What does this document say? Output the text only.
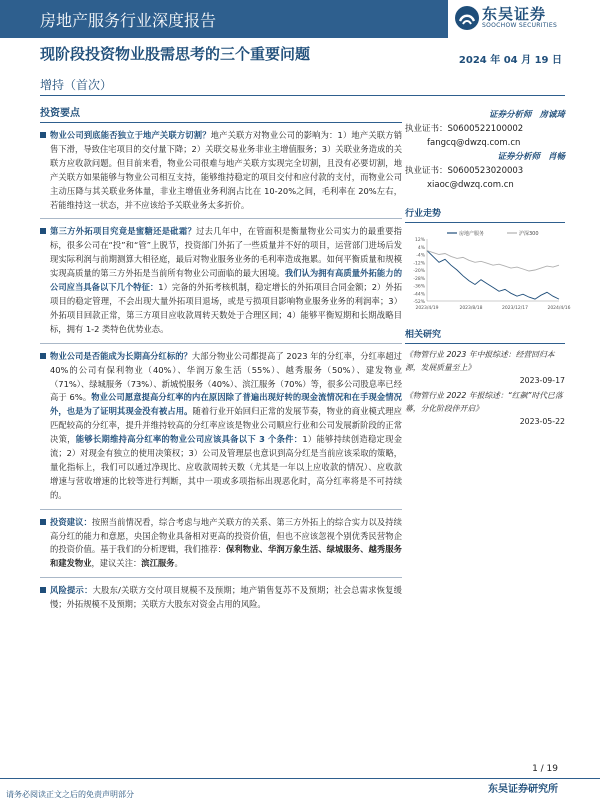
房地产服务行业深度报告	东吴证券
SOOCHOW SECURITIES
现阶段投资物业股需思考的三个重要问题	2024 年 04 月 19 日
增持（首次）
投资要点
物业公司到底能否独立于地产关联方切割？地产关联方对物业公司的影响为：1）地产关联方销售下滑，导致住宅项目的交付量下降；2）关联交易业务非业主增值服务；3）关联业务造成的关联方应收款问题。但目前来看，物业公司很难与地产关联方实现完全切割，且没有必要切割，地产关联方如果能够与物业公司相互支持，能够维持稳定的项目交付和应付款的支付，而物业公司主动压降与其关联业务体量，非业主增值业务利润占比在 10-20%之间，毛利率在 20%左右，若能维持这一状态，并不应该给予关联业务太多折价。
第三方外拓项目究竟是蜜糖还是砒霜？过去几年中，在管面积是衡量物业公司实力的最重要指标，很多公司在“投”和“管”上脱节，投资部门外拓了一些质量并不好的项目，运营部门进场后发现实际利润与前期测算大相径庭，最后对物业服务业务的毛利率造成拖累。如何平衡质量和规模实现高质量的第三方外拓是当前所有物业公司面临的最大困境。我们认为拥有高质量外拓能力的公司应当具备以下几个特征：1）完备的外拓考核机制，稳定增长的外拓项目合同金额；2）外拓项目的稳定管理，不会出现大量外拓项目退场，或是亏损项目影响物业服务业务的利润率；3）外拓项目回款正常，第三方项目应收款周转天数处于合理区间；4）能够平衡短期和长期战略目标，拥有 1-2 类特色优势业态。
物业公司是否能成为长期高分红标的？大部分物业公司都提高了 2023 年的分红率，分红率超过 40%的公司有保利物业（40%）、华润万象生活（55%）、越秀服务（50%）、建发物业（71%）、绿城服务（73%）、新城悦服务（40%）、滨江服务（70%）等，很多公司股息率已经高于 6%。物业公司愿意提高分红率的内在原因除了普遍出现好转的现金流情况和在手现金情况外，也是为了证明其现金没有被占用。随着行业开始回归正常的发展节奏，物业的商业模式理应匹配较高的分红率，提升并维持较高的分红率应该是物业公司顺应行业和公司发展新阶段的正常决策，能够长期维持高分红率的物业公司应该具备以下 3 个条件：1）能够持续创造稳定现金流；2）对现金有独立的使用决策权；3）公司及管理层也意识到高分红是当前应该采取的策略，量化指标上，我们可以通过净现比、应收款周转天数（尤其是一年以上应收款的情况）、应收款增速与营收增速的比较等进行判断，其中一项或多项指标出现恶化时，高分红率将是不可持续的。
投资建议：按照当前情况看，综合考虑与地产关联方的关系、第三方外拓上的综合实力以及持续高分红的能力和意愿，央国企物业具备相对更高的投资价值，但也不应该忽视个别优秀民营物企的投资价值。基于我们的分析逻辑，我们推荐：保利物业、华润万象生活、绿城服务、越秀服务和建发物业，建议关注：滨江服务。
风险提示：大股东/关联方交付项目规模不及预期；地产销售复苏不及预期；社会总需求恢复缓慢；外拓规模不及预期；关联方大股东对资金占用的风险。
证券分析师 房诚琦
执业证书：S0600522100002
fangcq@dwzq.com.cn
证券分析师 肖畅
执业证书：S0600523020003
xiaoc@dwzq.com.cn
行业走势
12%
4%
-4%
-12%
-20%
-28%
-36%
-44%
-52%
2023/4/19	2023/8/18	2023/12/17	2024/4/16
房地产服务	沪深300
相关研究
《物管行业 2023 年中报综述：经营回归本源，发展质量至上》
2023-09-17
《物管行业 2022 年报综述：“红飙”时代已落幕，分化阶段伴开启》
2023-05-22
1 / 19
东吴证券研究所
请务必阅读正文之后的免责声明部分
